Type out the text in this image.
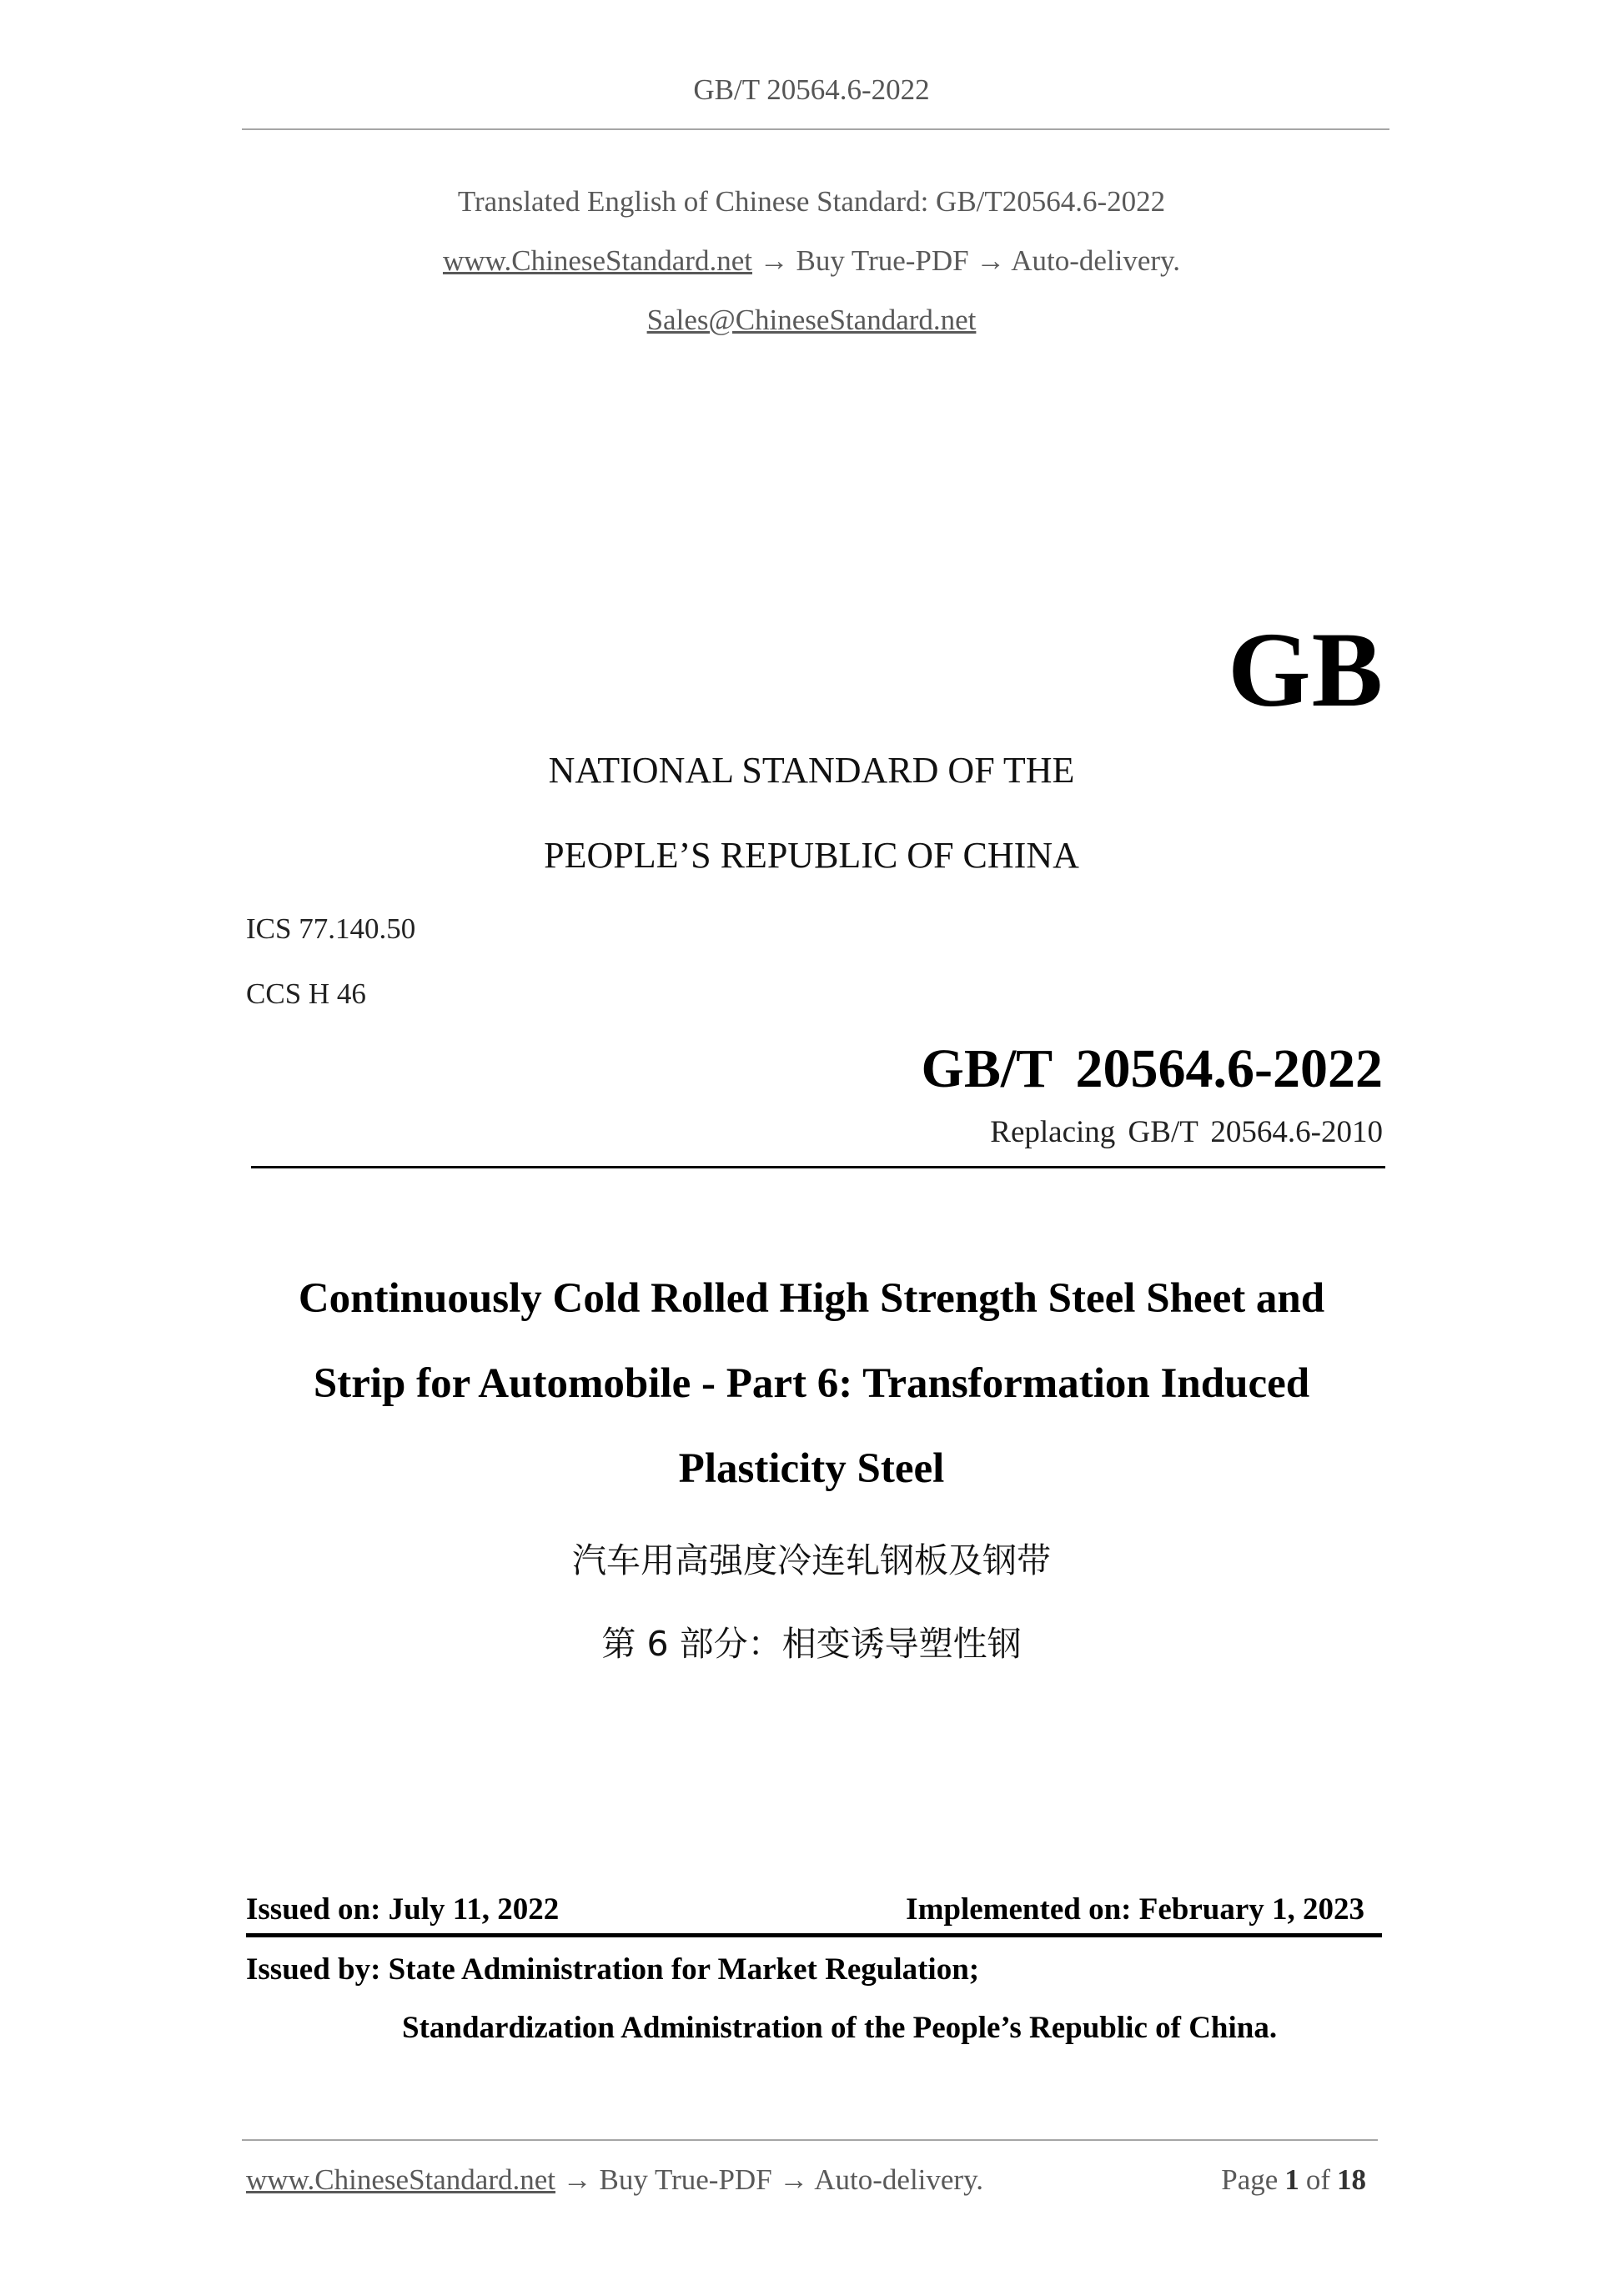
GB/T 20564.6-2022
Translated English of Chinese Standard: GB/T20564.6-2022
www.ChineseStandard.net → Buy True-PDF → Auto-delivery.
Sales@ChineseStandard.net
GB
NATIONAL STANDARD OF THE
PEOPLE’S REPUBLIC OF CHINA
ICS 77.140.50
CCS H 46
GB/T 20564.6-2022
Replacing GB/T 20564.6-2010
Continuously Cold Rolled High Strength Steel Sheet and
Strip for Automobile - Part 6: Transformation Induced
Plasticity Steel
汽车用高强度冷连轧钢板及钢带
第 6 部分：相变诱导塑性钢
Issued on: July 11, 2022	Implemented on: February 1, 2023
Issued by: State Administration for Market Regulation;
Standardization Administration of the People’s Republic of China.
www.ChineseStandard.net → Buy True-PDF → Auto-delivery.	Page 1 of 18
